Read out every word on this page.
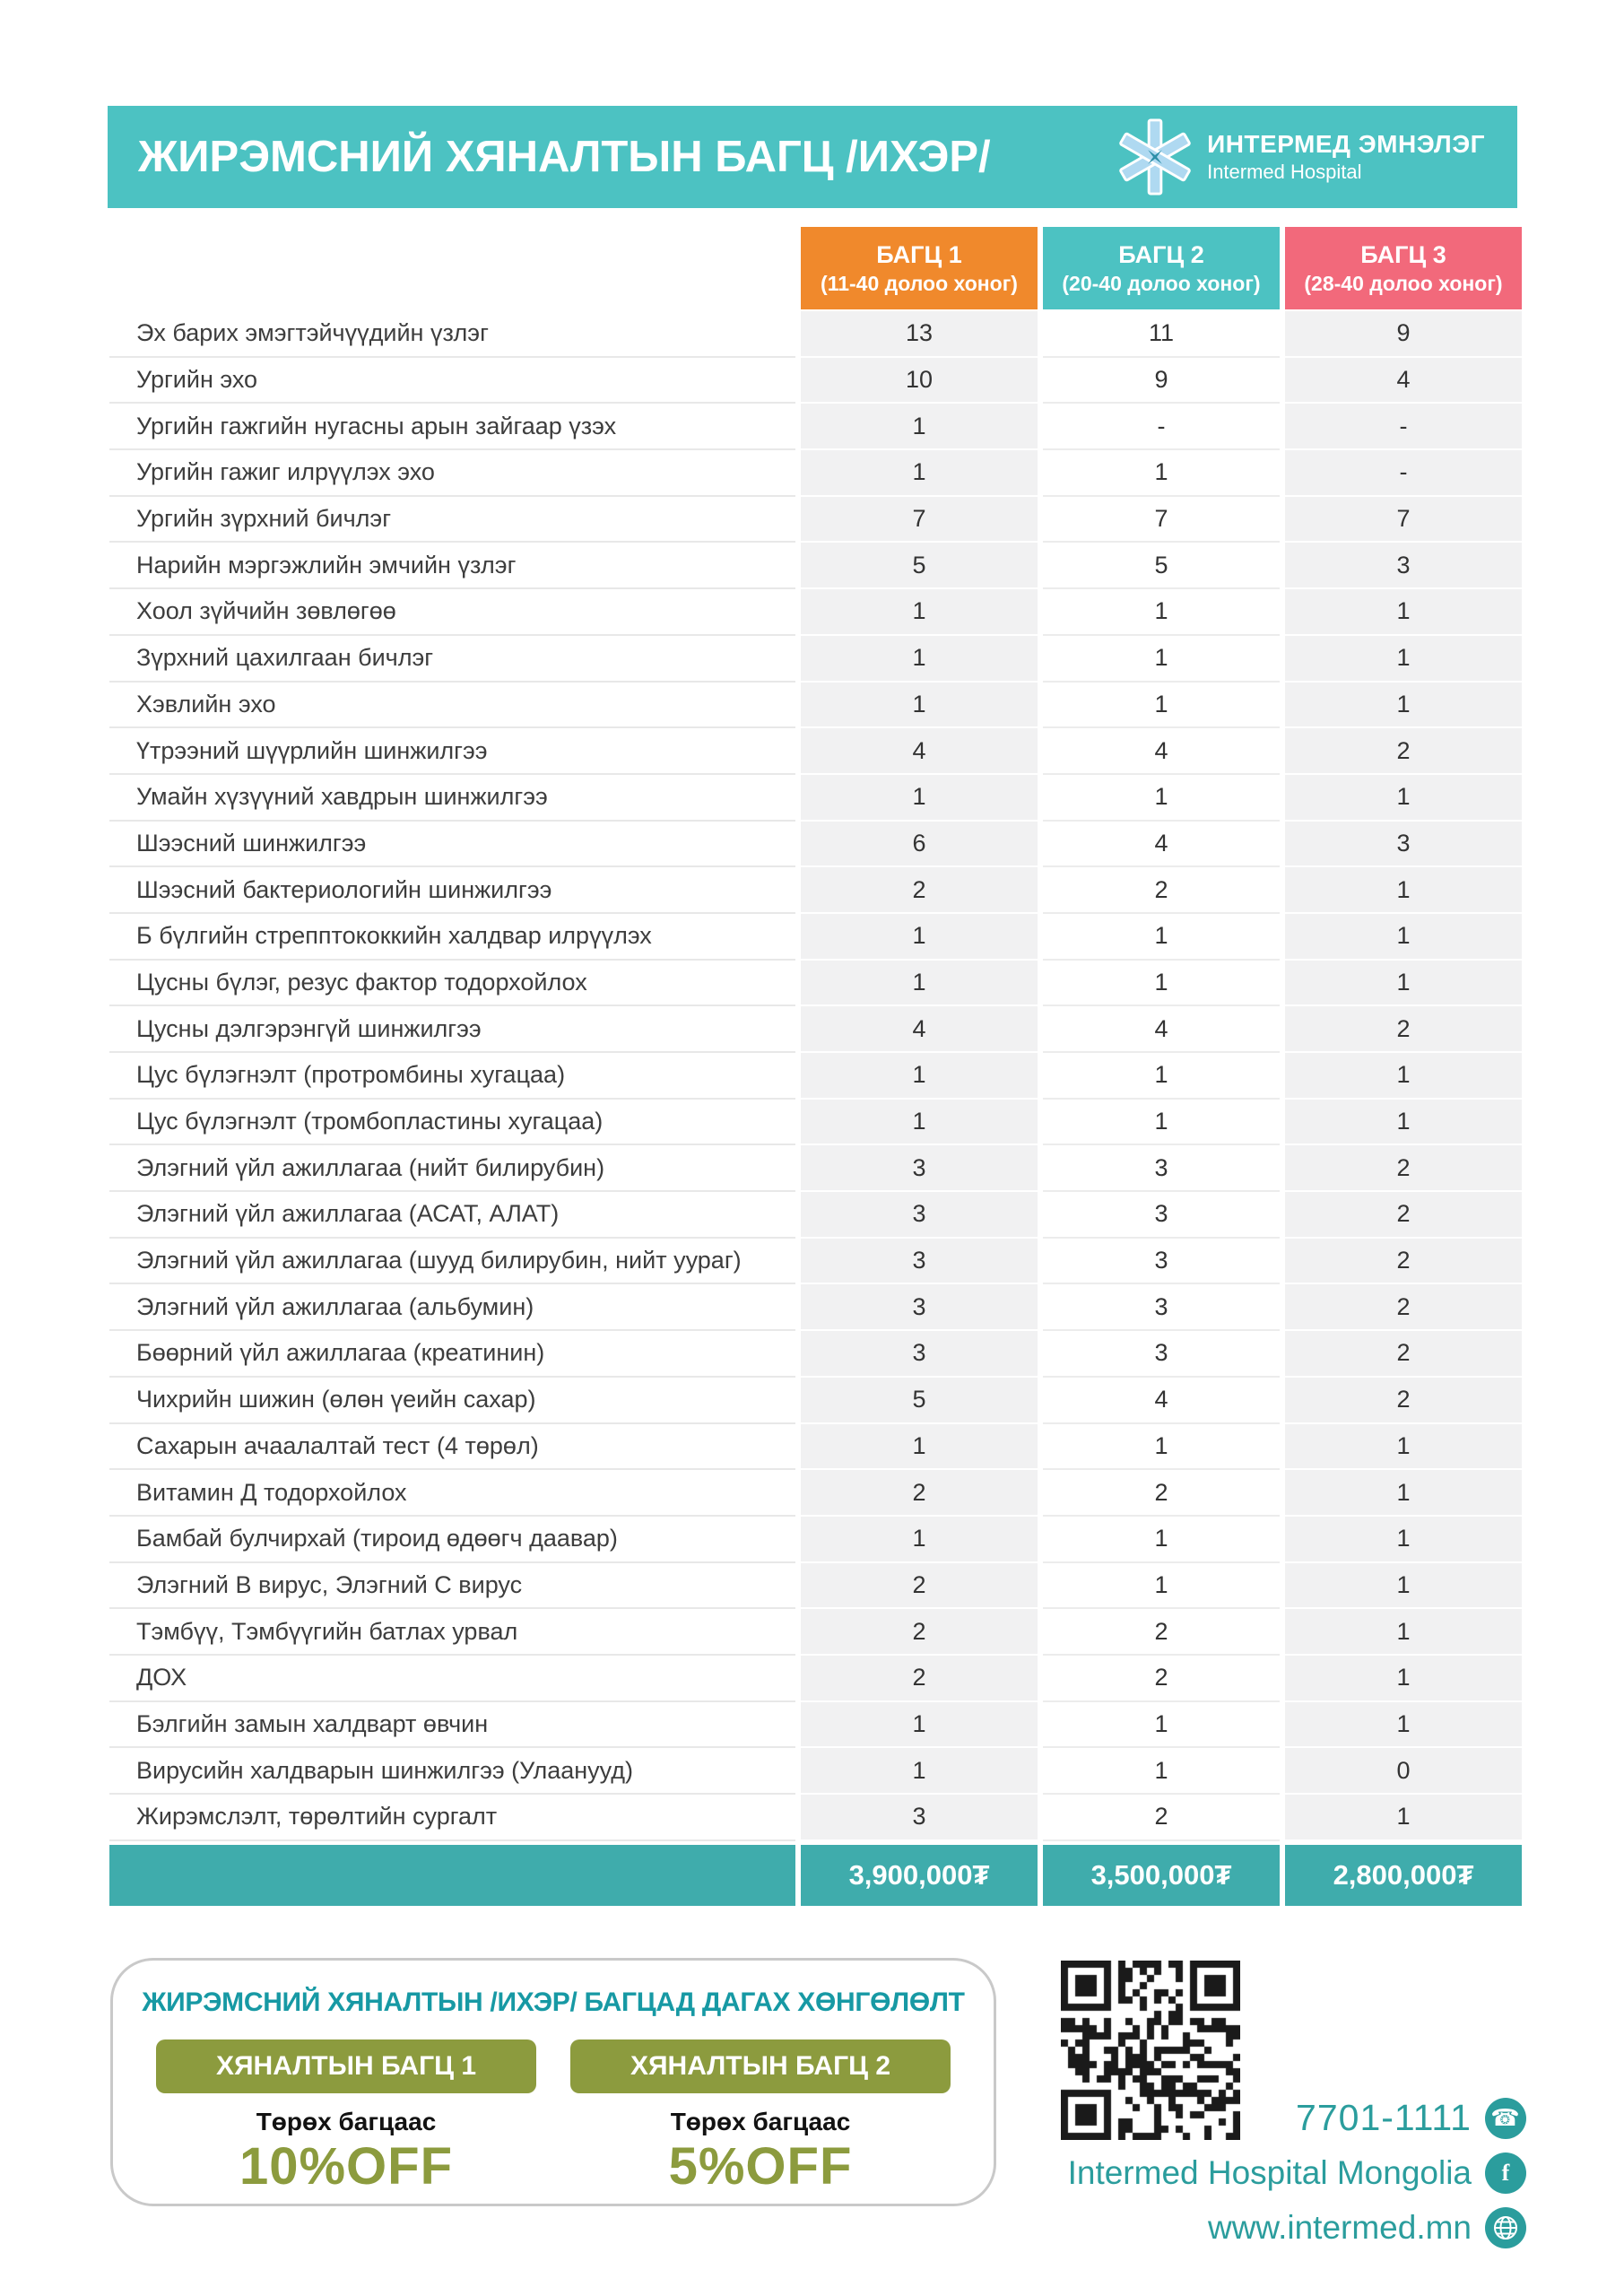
ЖИРЭМСНИЙ ХЯНАЛТЫН БАГЦ /ИХЭР/	ИНТЕРМЕД ЭМНЭЛЭГ
Intermed Hospital
БАГЦ 1
(11-40 долоо хоног)
БАГЦ 2
(20-40 долоо хоног)
БАГЦ 3
(28-40 долоо хоног)
Эх барих эмэгтэйчүүдийн үзлэг	13	11	9
Ургийн эхо	10	9	4
Ургийн гажгийн нугасны арын зайгаар үзэх	1	-	-
Ургийн гажиг илрүүлэх эхо	1	1	-
Ургийн зүрхний бичлэг	7	7	7
Нарийн мэргэжлийн эмчийн үзлэг	5	5	3
Хоол зүйчийн зөвлөгөө	1	1	1
Зүрхний цахилгаан бичлэг	1	1	1
Хэвлийн эхо	1	1	1
Үтрээний шүүрлийн шинжилгээ	4	4	2
Умайн хүзүүний хавдрын шинжилгээ	1	1	1
Шээсний шинжилгээ	6	4	3
Шээсний бактериологийн шинжилгээ	2	2	1
Б бүлгийн стрепптококкийн халдвар илрүүлэх	1	1	1
Цусны бүлэг, резус фактор тодорхойлох	1	1	1
Цусны дэлгэрэнгүй шинжилгээ	4	4	2
Цус бүлэгнэлт (протромбины хугацаа)	1	1	1
Цус бүлэгнэлт (тромбопластины хугацаа)	1	1	1
Элэгний үйл ажиллагаа (нийт билирубин)	3	3	2
Элэгний үйл ажиллагаа (АСАТ, АЛАТ)	3	3	2
Элэгний үйл ажиллагаа (шууд билирубин, нийт уураг)	3	3	2
Элэгний үйл ажиллагаа (альбумин)	3	3	2
Бөөрний үйл ажиллагаа (креатинин)	3	3	2
Чихрийн шижин (өлөн үеийн сахар)	5	4	2
Сахарын ачаалалтай тест (4 төрөл)	1	1	1
Витамин Д тодорхойлох	2	2	1
Бамбай булчирхай (тироид өдөөгч даавар)	1	1	1
Элэгний В вирус, Элэгний С вирус	2	1	1
Тэмбүү, Тэмбүүгийн батлах урвал	2	2	1
ДОХ	2	2	1
Бэлгийн замын халдварт өвчин	1	1	1
Вирусийн халдварын шинжилгээ (Улаанууд)	1	1	0
Жирэмслэлт, төрөлтийн сургалт	3	2	1
3,900,000₮	3,500,000₮	2,800,000₮
ЖИРЭМСНИЙ ХЯНАЛТЫН /ИХЭР/ БАГЦАД ДАГАХ ХӨНГӨЛӨЛТ
ХЯНАЛТЫН БАГЦ 1
Төрөх багцаас
10%OFF
ХЯНАЛТЫН БАГЦ 2
Төрөх багцаас
5%OFF
7701-1111 ☎
Intermed Hospital Mongolia	f
www.intermed.mn
